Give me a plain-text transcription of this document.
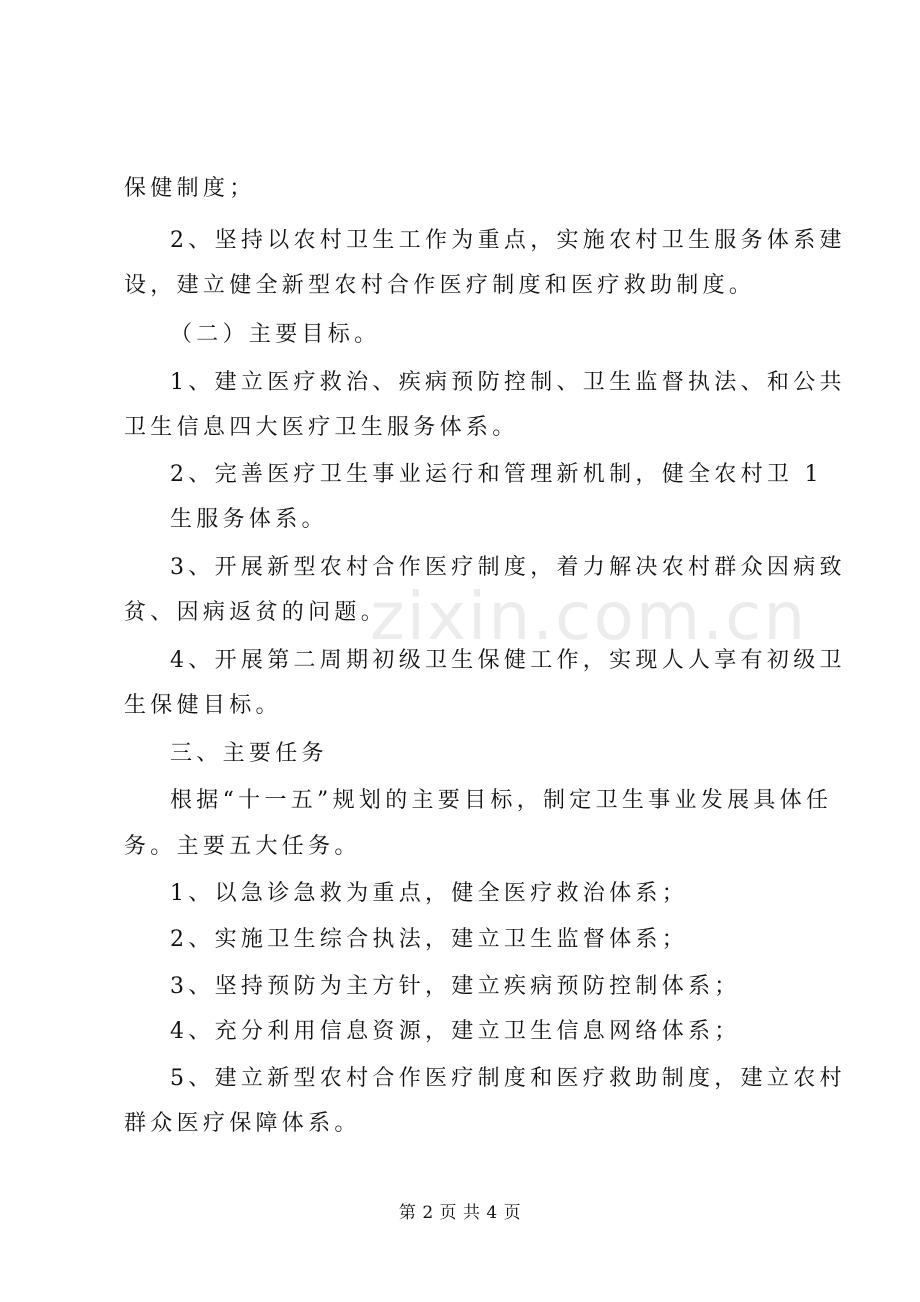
保健制度；
2、坚持以农村卫生工作为重点，实施农村卫生服务体系建
设，建立健全新型农村合作医疗制度和医疗救助制度。
（二）主要目标。
1、建立医疗救治、疾病预防控制、卫生监督执法、和公共
卫生信息四大医疗卫生服务体系。
2、完善医疗卫生事业运行和管理新机制，健全农村卫 1
生服务体系。
3、开展新型农村合作医疗制度，着力解决农村群众因病致
贫、因病返贫的问题。
4、开展第二周期初级卫生保健工作，实现人人享有初级卫
生保健目标。
三、主要任务
根据“十一五”规划的主要目标，制定卫生事业发展具体任
务。主要五大任务。
1、以急诊急救为重点，健全医疗救治体系；
2、实施卫生综合执法，建立卫生监督体系；
3、坚持预防为主方针，建立疾病预防控制体系；
4、充分利用信息资源，建立卫生信息网络体系；
5、建立新型农村合作医疗制度和医疗救助制度，建立农村
群众医疗保障体系。
zixin.com.cn
第 2 页 共 4 页
